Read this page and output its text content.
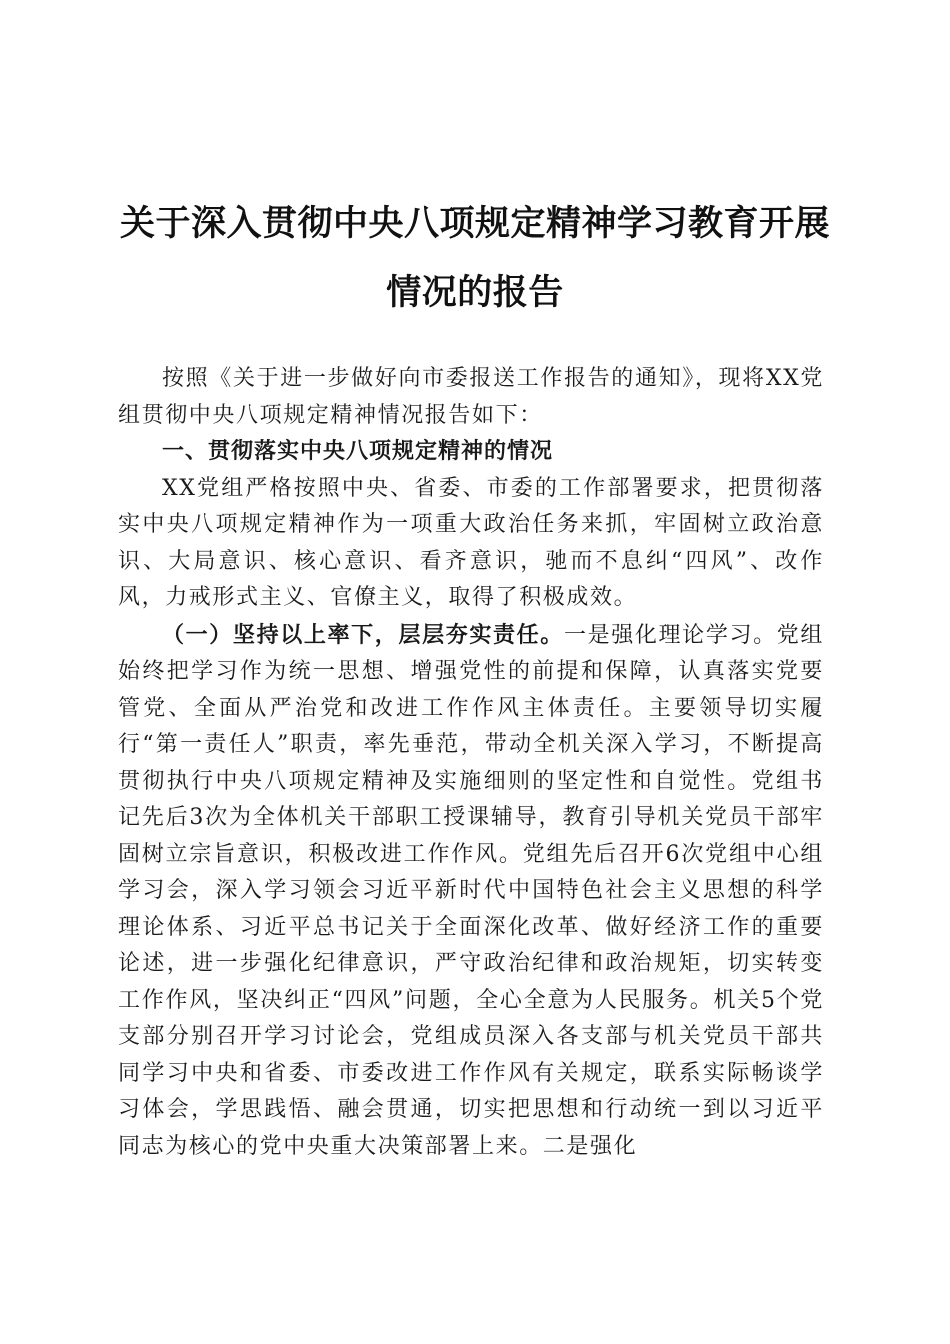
关于深入贯彻中央八项规定精神学习教育开展
情况的报告

按照《关于进一步做好向市委报送工作报告的通知》，现将XX党组贯彻中央八项规定精神情况报告如下：

一、贯彻落实中央八项规定精神的情况

XX党组严格按照中央、省委、市委的工作部署要求，把贯彻落实中央八项规定精神作为一项重大政治任务来抓，牢固树立政治意识、大局意识、核心意识、看齐意识，驰而不息纠“四风”、改作风，力戒形式主义、官僚主义，取得了积极成效。

（一）坚持以上率下，层层夯实责任。一是强化理论学习。党组始终把学习作为统一思想、增强党性的前提和保障，认真落实党要管党、全面从严治党和改进工作作风主体责任。主要领导切实履行“第一责任人”职责，率先垂范，带动全机关深入学习，不断提高贯彻执行中央八项规定精神及实施细则的坚定性和自觉性。党组书记先后3次为全体机关干部职工授课辅导，教育引导机关党员干部牢固树立宗旨意识，积极改进工作作风。党组先后召开6次党组中心组学习会，深入学习领会习近平新时代中国特色社会主义思想的科学理论体系、习近平总书记关于全面深化改革、做好经济工作的重要论述，进一步强化纪律意识，严守政治纪律和政治规矩，切实转变工作作风，坚决纠正“四风”问题，全心全意为人民服务。机关5个党支部分别召开学习讨论会，党组成员深入各支部与机关党员干部共同学习中央和省委、市委改进工作作风有关规定，联系实际畅谈学习体会，学思践悟、融会贯通，切实把思想和行动统一到以习近平同志为核心的党中央重大决策部署上来。二是强化
